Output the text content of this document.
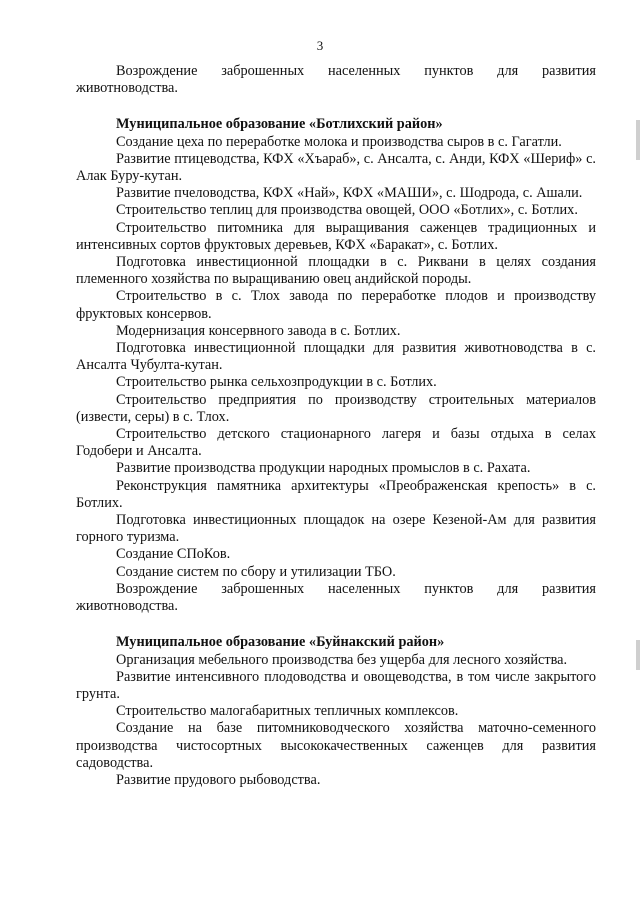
3

Возрождение заброшенных населенных пунктов для развития животноводства.

Муниципальное образование «Ботлихский район»

Создание цеха по переработке молока и производства сыров в с. Гагатли.

Развитие птицеводства, КФХ «Хъараб», с. Ансалта, с. Анди, КФХ «Шериф» с. Алак Буру-кутан.

Развитие пчеловодства, КФХ «Най», КФХ «МАШИ», с. Шодрода, с. Ашали.

Строительство теплиц для производства овощей, ООО «Ботлих», с. Ботлих.

Строительство питомника для выращивания саженцев традиционных и интенсивных сортов фруктовых деревьев, КФХ «Баракат», с. Ботлих.

Подготовка инвестиционной площадки в с. Риквани в целях создания племенного хозяйства по выращиванию овец андийской породы.

Строительство в с. Тлох завода по переработке плодов и производству фруктовых консервов.

Модернизация консервного завода в с. Ботлих.

Подготовка инвестиционной площадки для развития животноводства в с. Ансалта Чубулта-кутан.

Строительство рынка сельхозпродукции в с. Ботлих.

Строительство предприятия по производству строительных материалов (извести, серы) в с. Тлох.

Строительство детского стационарного лагеря и базы отдыха в селах Годобери и Ансалта.

Развитие производства продукции народных промыслов в с. Рахата.

Реконструкция памятника архитектуры «Преображенская крепость» в с. Ботлих.

Подготовка инвестиционных площадок на озере Кезеной-Ам для развития горного туризма.

Создание СПоКов.

Создание систем по сбору и утилизации ТБО.

Возрождение заброшенных населенных пунктов для развития животноводства.

Муниципальное образование «Буйнакский район»

Организация мебельного производства без ущерба для лесного хозяйства.

Развитие интенсивного плодоводства и овощеводства, в том числе закрытого грунта.

Строительство малогабаритных тепличных комплексов.

Создание на базе питомниководческого хозяйства маточно-семенного производства чистосортных высококачественных саженцев для развития садоводства.

Развитие прудового рыбоводства.
